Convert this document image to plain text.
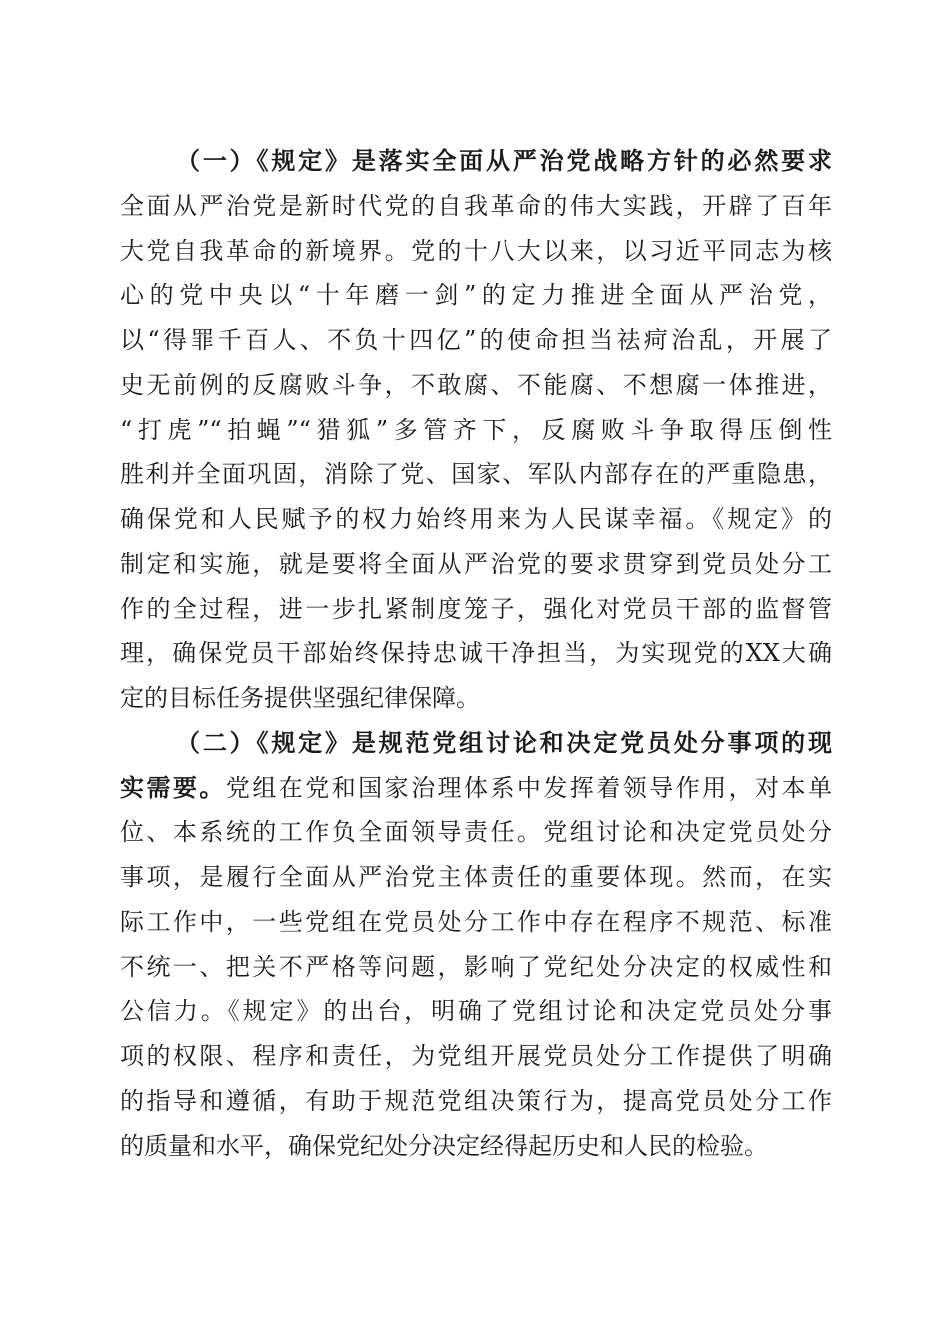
（一）《规定》是落实全面从严治党战略方针的必然要求
全面从严治党是新时代党的自我革命的伟大实践，开辟了百年
大党自我革命的新境界。党的十八大以来，以习近平同志为核
心的党中央以“十年磨一剑”的定力推进全面从严治党，
以“得罪千百人、不负十四亿”的使命担当祛疴治乱，开展了
史无前例的反腐败斗争，不敢腐、不能腐、不想腐一体推进，
“打虎”“拍蝇”“猎狐”多管齐下，反腐败斗争取得压倒性
胜利并全面巩固，消除了党、国家、军队内部存在的严重隐患，
确保党和人民赋予的权力始终用来为人民谋幸福。《规定》的
制定和实施，就是要将全面从严治党的要求贯穿到党员处分工
作的全过程，进一步扎紧制度笼子，强化对党员干部的监督管
理，确保党员干部始终保持忠诚干净担当，为实现党的XX大确
定的目标任务提供坚强纪律保障。
（二）《规定》是规范党组讨论和决定党员处分事项的现
实需要。党组在党和国家治理体系中发挥着领导作用，对本单
位、本系统的工作负全面领导责任。党组讨论和决定党员处分
事项，是履行全面从严治党主体责任的重要体现。然而，在实
际工作中，一些党组在党员处分工作中存在程序不规范、标准
不统一、把关不严格等问题，影响了党纪处分决定的权威性和
公信力。《规定》的出台，明确了党组讨论和决定党员处分事
项的权限、程序和责任，为党组开展党员处分工作提供了明确
的指导和遵循，有助于规范党组决策行为，提高党员处分工作
的质量和水平，确保党纪处分决定经得起历史和人民的检验。
